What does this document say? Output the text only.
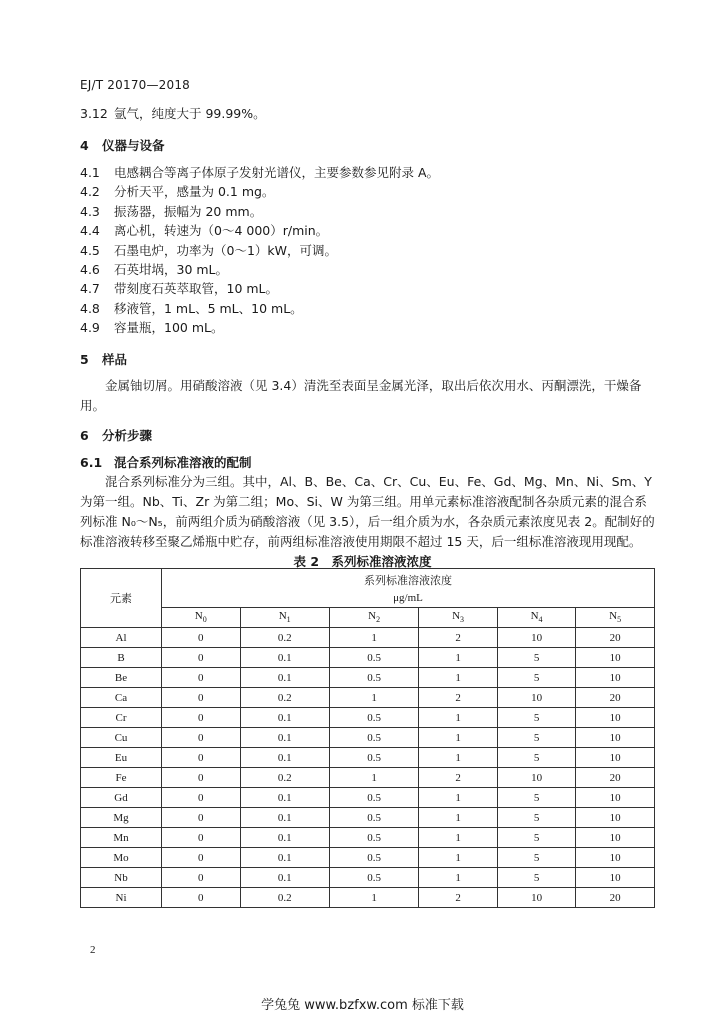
EJ/T 20170—2018
3.12 氩气，纯度大于 99.99%。
4 仪器与设备
4.1 电感耦合等离子体原子发射光谱仪，主要参数参见附录 A。
4.2 分析天平，感量为 0.1 mg。
4.3 振荡器，振幅为 20 mm。
4.4 离心机，转速为（0～4 000）r/min。
4.5 石墨电炉，功率为（0～1）kW，可调。
4.6 石英坩埚，30 mL。
4.7 带刻度石英萃取管，10 mL。
4.8 移液管，1 mL、5 mL、10 mL。
4.9 容量瓶，100 mL。
5 样品
金属铀切屑。用硝酸溶液（见 3.4）清洗至表面呈金属光泽，取出后依次用水、丙酮漂洗，干燥备用。
6 分析步骤
6.1 混合系列标准溶液的配制
混合系列标准分为三组。其中，Al、B、Be、Ca、Cr、Cu、Eu、Fe、Gd、Mg、Mn、Ni、Sm、Y 为第一组。Nb、Ti、Zr 为第二组；Mo、Si、W 为第三组。用单元素标准溶液配制各杂质元素的混合系列标准 N₀～N₅，前两组介质为硝酸溶液（见 3.5），后一组介质为水，各杂质元素浓度见表 2。配制好的标准溶液转移至聚乙烯瓶中贮存，前两组标准溶液使用期限不超过 15 天，后一组标准溶液现用现配。
表 2　系列标准溶液浓度
元素	系列标准溶液浓度
μg/mL					

	$N_0$	$N_1$	$N_2$	$N_3$	$N_4$	$N_5$
Al	0	0.2	1	2	10	20
B	0	0.1	0.5	1	5	10
Be	0	0.1	0.5	1	5	10
Ca	0	0.2	1	2	10	20
Cr	0	0.1	0.5	1	5	10
Cu	0	0.1	0.5	1	5	10
Eu	0	0.1	0.5	1	5	10
Fe	0	0.2	1	2	10	20
Gd	0	0.1	0.5	1	5	10
Mg	0	0.1	0.5	1	5	10
Mn	0	0.1	0.5	1	5	10
Mo	0	0.1	0.5	1	5	10
Nb	0	0.1	0.5	1	5	10
Ni	0	0.2	1	2	10	20
2
学兔兔 www.bzfxw.com 标准下载
